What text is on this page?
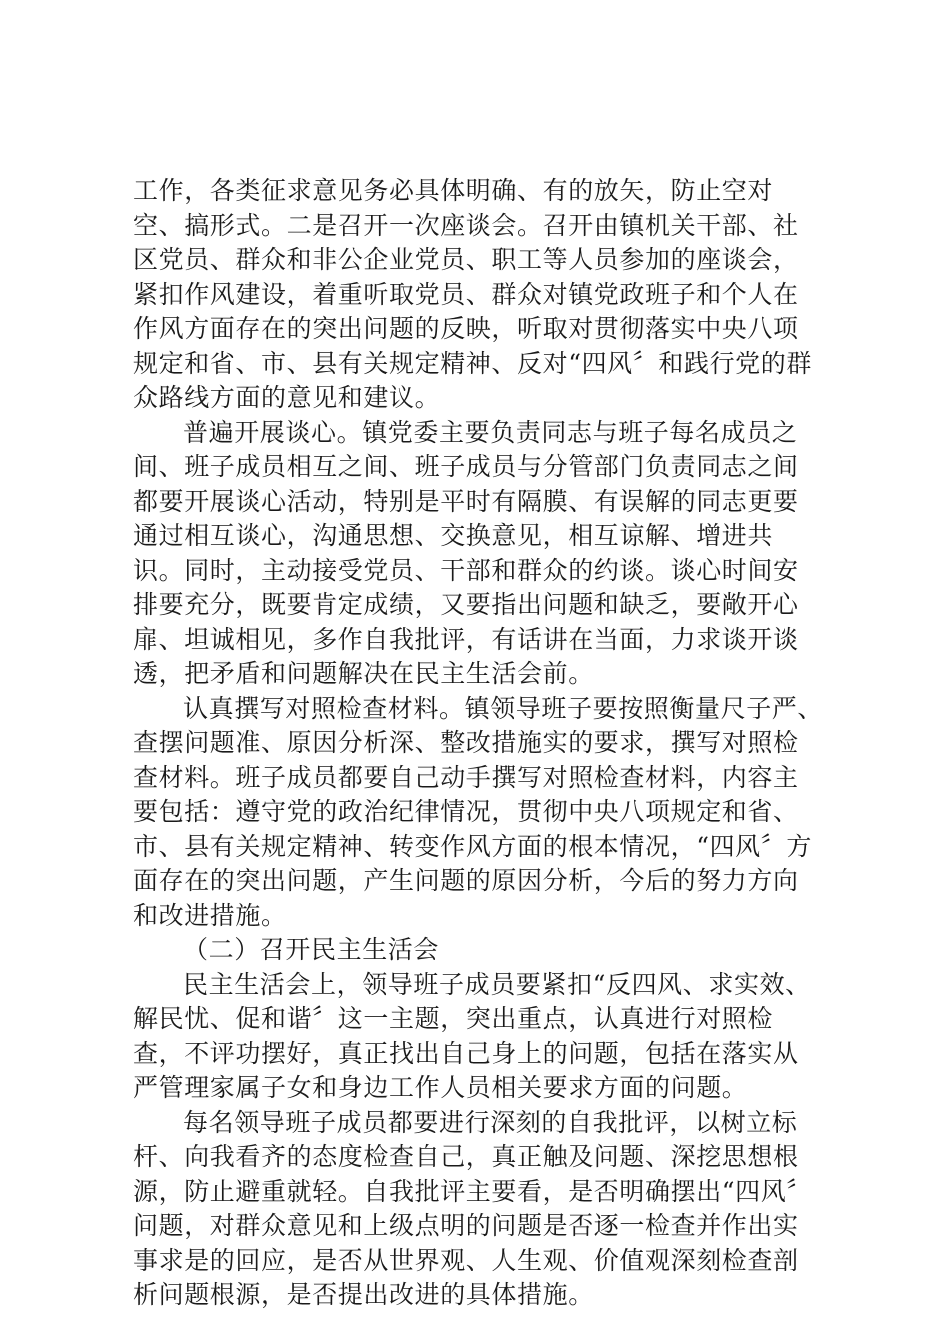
工作，各类征求意见务必具体明确、有的放矢，防止空对空、搞形式。二是召开一次座谈会。召开由镇机关干部、社区党员、群众和非公企业党员、职工等人员参加的座谈会，紧扣作风建设，着重听取党员、群众对镇党政班子和个人在作风方面存在的突出问题的反映，听取对贯彻落实中央八项规定和省、市、县有关规定精神、反对“四风〞和践行党的群众路线方面的意见和建议。

普遍开展谈心。镇党委主要负责同志与班子每名成员之间、班子成员相互之间、班子成员与分管部门负责同志之间都要开展谈心活动，特别是平时有隔膜、有误解的同志更要通过相互谈心，沟通思想、交换意见，相互谅解、增进共识。同时，主动接受党员、干部和群众的约谈。谈心时间安排要充分，既要肯定成绩，又要指出问题和缺乏，要敞开心扉、坦诚相见，多作自我批评，有话讲在当面，力求谈开谈透，把矛盾和问题解决在民主生活会前。

认真撰写对照检查材料。镇领导班子要按照衡量尺子严、查摆问题准、原因分析深、整改措施实的要求，撰写对照检查材料。班子成员都要自己动手撰写对照检查材料，内容主要包括：遵守党的政治纪律情况，贯彻中央八项规定和省、市、县有关规定精神、转变作风方面的根本情况，“四风〞方面存在的突出问题，产生问题的原因分析，今后的努力方向和改进措施。

（二）召开民主生活会

民主生活会上，领导班子成员要紧扣“反四风、求实效、解民忧、促和谐〞这一主题，突出重点，认真进行对照检查，不评功摆好，真正找出自己身上的问题，包括在落实从严管理家属子女和身边工作人员相关要求方面的问题。

每名领导班子成员都要进行深刻的自我批评，以树立标杆、向我看齐的态度检查自己，真正触及问题、深挖思想根源，防止避重就轻。自我批评主要看，是否明确摆出“四风〞问题，对群众意见和上级点明的问题是否逐一检查并作出实事求是的回应，是否从世界观、人生观、价值观深刻检查剖析问题根源，是否提出改进的具体措施。
